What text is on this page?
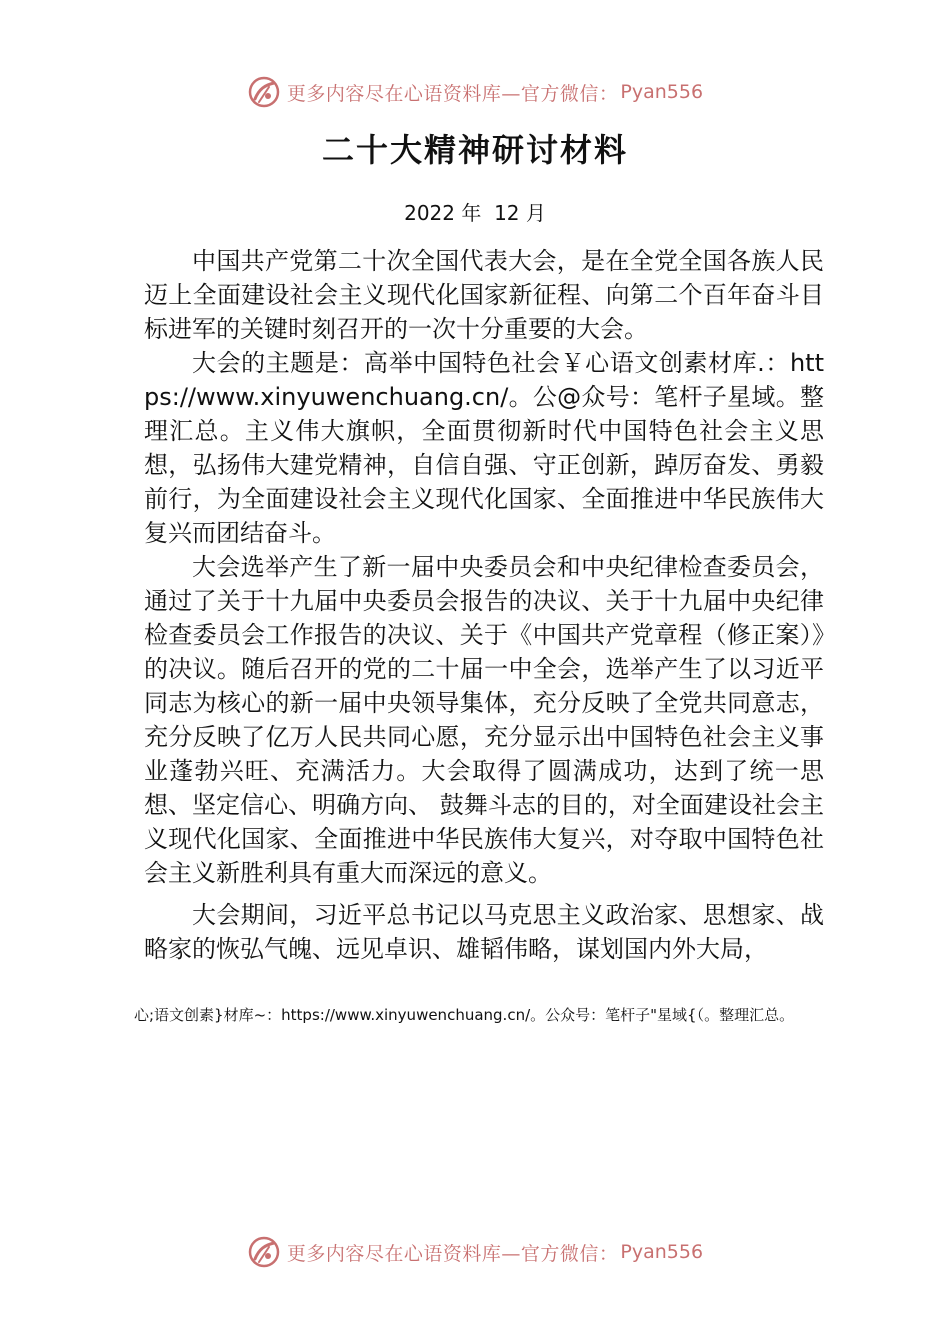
更多内容尽在心语资料库—官方微信： Pyan556
二十大精神研讨材料
2022 年  12 月

中国共产党第二十次全国代表大会，是在全党全国各族人民迈上全面建设社会主义现代化国家新征程、向第二个百年奋斗目标进军的关键时刻召开的一次十分重要的大会。

大会的主题是：高举中国特色社会￥心语文创素材库.：https://www.xinyuwenchuang.cn/。公@众号：笔杆子星域。整理汇总。主义伟大旗帜，全面贯彻新时代中国特色社会主义思想，弘扬伟大建党精神，自信自强、守正创新，踔厉奋发、勇毅前行，为全面建设社会主义现代化国家、全面推进中华民族伟大复兴而团结奋斗。

大会选举产生了新一届中央委员会和中央纪律检查委员会，通过了关于十九届中央委员会报告的决议、关于十九届中央纪律检查委员会工作报告的决议、关于《中国共产党章程（修正案）》的决议。随后召开的党的二十届一中全会，选举产生了以习近平同志为核心的新一届中央领导集体，充分反映了全党共同意志，充分反映了亿万人民共同心愿，充分显示出中国特色社会主义事业蓬勃兴旺、充满活力。大会取得了圆满成功，达到了统一思想、坚定信心、明确方向、 鼓舞斗志的目的，对全面建设社会主义现代化国家、全面推进中华民族伟大复兴，对夺取中国特色社会主义新胜利具有重大而深远的意义。

大会期间，习近平总书记以马克思主义政治家、思想家、战略家的恢弘气魄、远见卓识、雄韬伟略，谋划国内外大局，

心;语文创素}材库~：https://www.xinyuwenchuang.cn/。公众号：笔杆子"星域{（。整理汇总。

更多内容尽在心语资料库—官方微信： Pyan556
